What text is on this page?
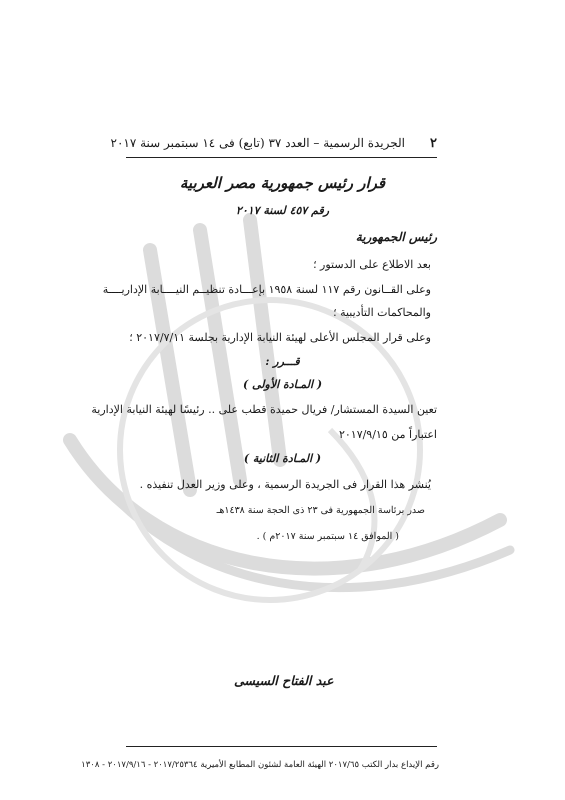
٢
الجريدة الرسمية – العدد ٣٧ (تابع) فى ١٤ سبتمبر سنة ٢٠١٧
قرار رئيس جمهورية مصر العربية
رقم ٤٥٧ لسنة ٢٠١٧
رئيس الجمهورية
بعد الاطلاع على الدستور ؛
وعلى القــانون رقم ١١٧ لسنة ١٩٥٨ بإعـــادة تنظيــم النيــــابة الإداريــــة
والمحاكمات التأديبية ؛
وعلى قرار المجلس الأعلى لهيئة النيابة الإدارية بجلسة ٢٠١٧/٧/١١ ؛
قـــرر :
( المـادة الأولى )
تعين السيدة المستشار/ فريال حميدة قطب على .. رئيسًا لهيئة النيابة الإدارية
اعتباراً من ٢٠١٧/٩/١٥
( المـادة الثانية )
يُنشر هذا القرار فى الجريدة الرسمية ، وعلى وزير العدل تنفيذه .
صدر برئاسة الجمهورية فى ٢٣ ذى الحجة سنة ١٤٣٨هـ
( الموافق ١٤ سبتمبر سنة ٢٠١٧م ) .
عبد الفتاح السيسى
رقم الإيداع بدار الكتب ٢٠١٧/٦٥ الهيئة العامة لشئون المطابع الأميرية ٢٠١٧/٢٥٣٦٤ - ٢٠١٧/٩/١٦ - ١٣٠٨
